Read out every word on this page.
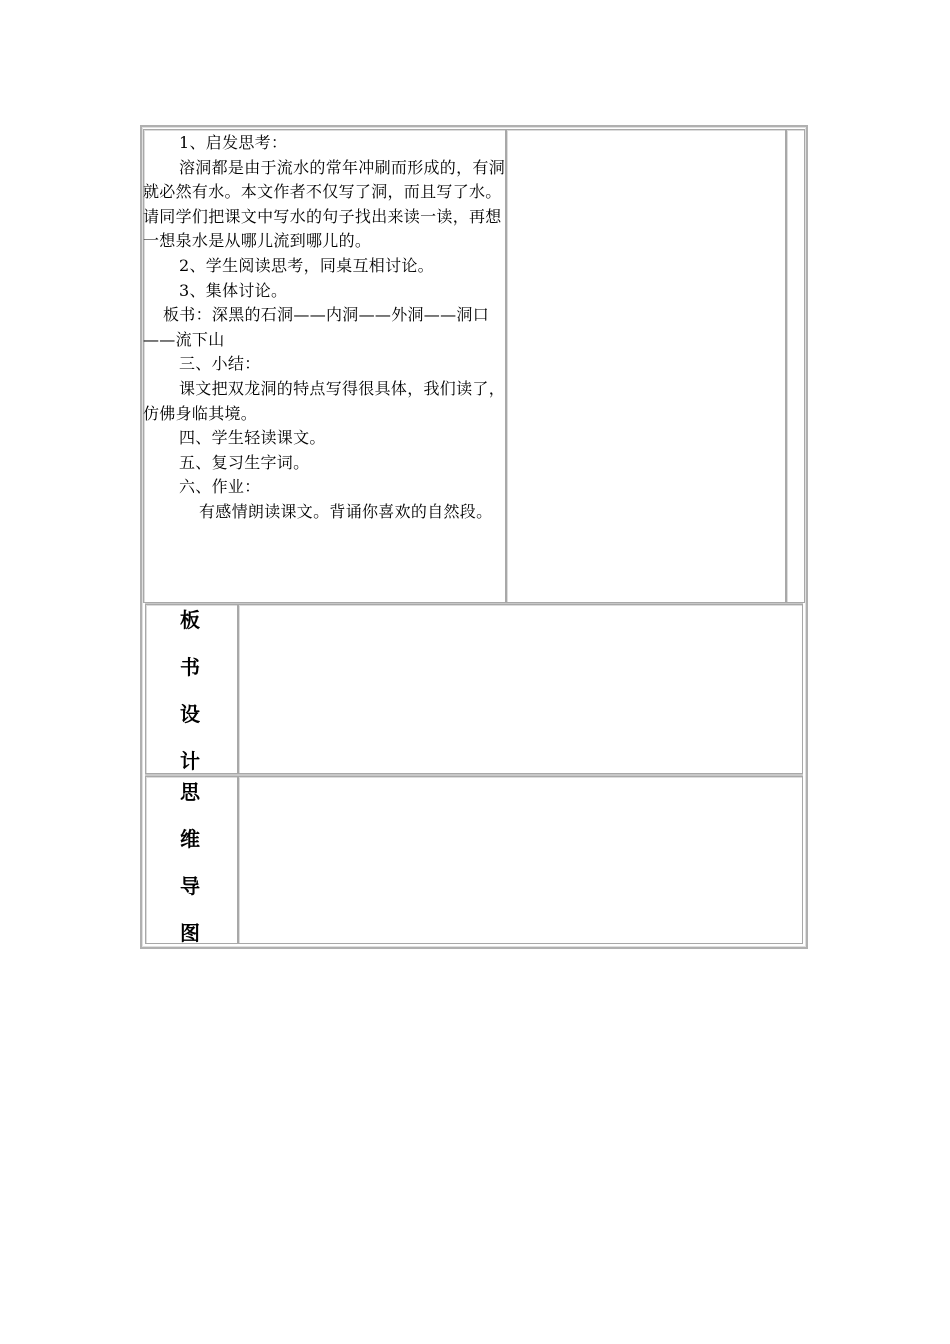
1、启发思考：

溶洞都是由于流水的常年冲刷而形成的，有洞就必然有水。本文作者不仅写了洞，而且写了水。请同学们把课文中写水的句子找出来读一读，再想一想泉水是从哪儿流到哪儿的。

2、学生阅读思考，同桌互相讨论。

3、集体讨论。

板书：深黑的石洞——内洞——外洞——洞口——流下山

三、小结：

课文把双龙洞的特点写得很具体，我们读了，仿佛身临其境。

四、学生轻读课文。

五、复习生字词。

六、作业：

有感情朗读课文。背诵你喜欢的自然段。

板
书
设
计
思
维
导
图
